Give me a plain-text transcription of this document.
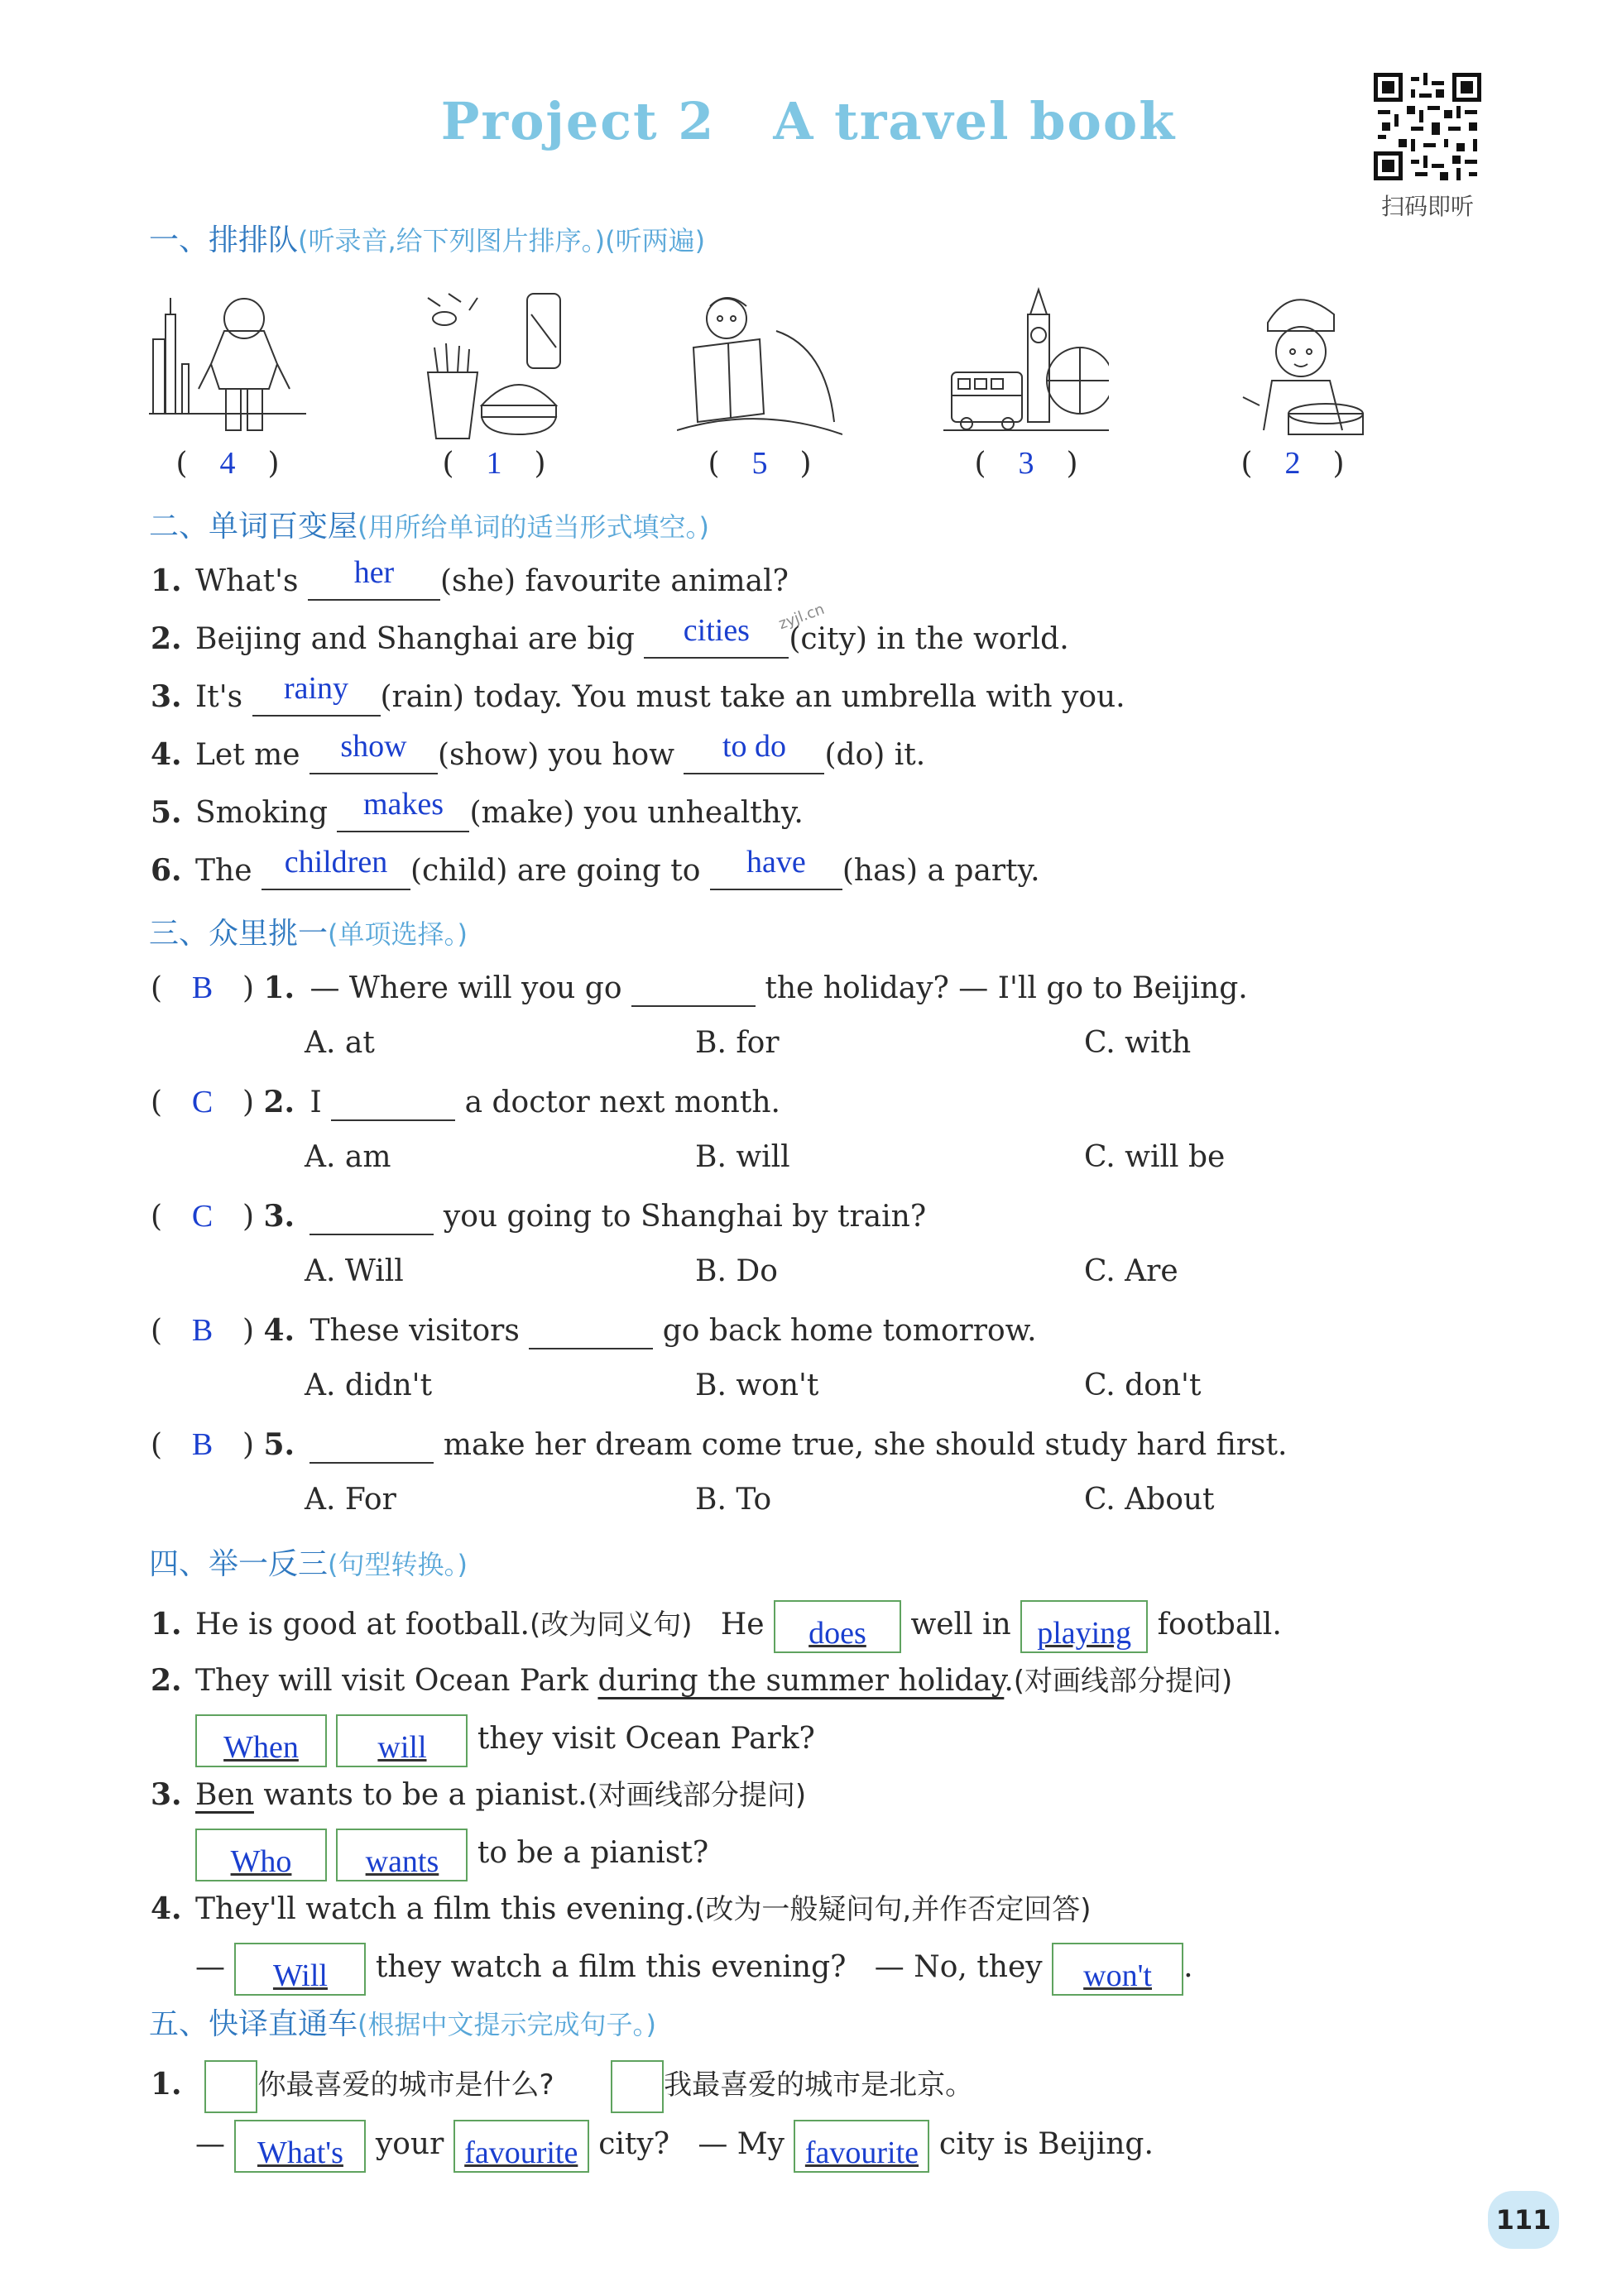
Project 2 A travel book
扫码即听
一、排排队(听录音,给下列图片排序。)(听两遍)
( 4 )	( 1 )	( 5 )	( 3 )	( 2 )
二、单词百变屋(用所给单词的适当形式填空。)
zyjl.cn
1. What's her (she) favourite animal?
2. Beijing and Shanghai are big cities (city) in the world.
3. It's rainy (rain) today. You must take an umbrella with you.
4. Let me show (show) you how to do (do) it.
5. Smoking makes (make) you unhealthy.
6. The children (child) are going to have (has) a party.
三、众里挑一(单项选择。)
( B ) 1. — Where will you go	the holiday? — I'll go to Beijing.
A. at	B. for	C. with
( C ) 2. I	a doctor next month.
A. am	B. will	C. will be
( C ) 3.	you going to Shanghai by train?
A. Will	B. Do	C. Are
( B ) 4. These visitors	go back home tomorrow.
A. didn't	B. won't	C. don't
( B ) 5.	make her dream come true, she should study hard first.
A. For	B. To	C. About
四、举一反三(句型转换。)
1. He is good at football.(改为同义句) He does well in playing football.
2. They will visit Ocean Park during the summer holiday.(对画线部分提问)
When	will they visit Ocean Park?
3. Ben wants to be a pianist.(对画线部分提问)
Who wants to be a pianist?
4. They'll watch a film this evening.(改为一般疑问句,并作否定回答)
— Will they watch a film this evening? — No, they won't .
五、快译直通车(根据中文提示完成句子。)
1.	你最喜爱的城市是什么?	我最喜爱的城市是北京。
— What's your favourite city? — My favourite city is Beijing.
111
